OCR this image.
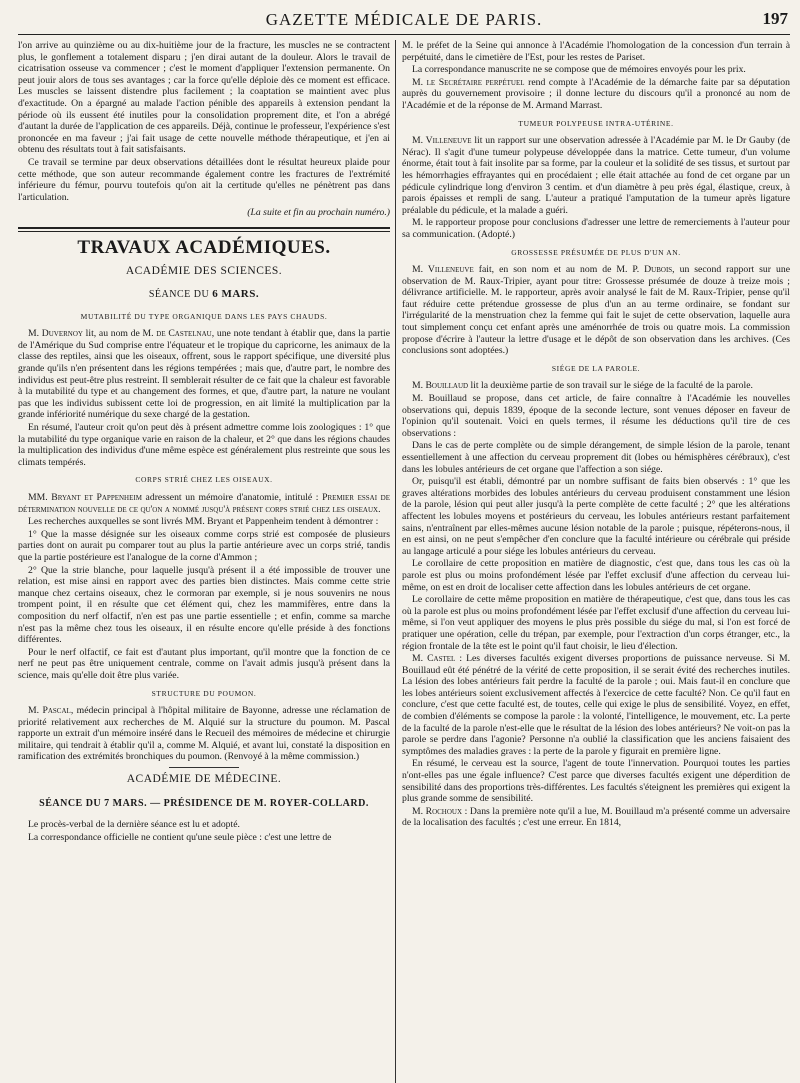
GAZETTE MÉDICALE DE PARIS.	197

l'on arrive au quinzième ou au dix-huitième jour de la fracture, les muscles ne se contractent plus, le gonflement a totalement disparu ; j'en dirai autant de la douleur. Alors le travail de cicatrisation osseuse va commencer ; c'est le moment d'appliquer l'extension permanente. On peut jouir alors de tous ses avantages ; car la force qu'elle déploie dès ce moment est efficace. Les muscles se laissent distendre plus facilement ; la coaptation se maintient avec plus d'exactitude. On a épargné au malade l'action pénible des appareils à extension pendant la période où ils eussent été inutiles pour la consolidation proprement dite, et l'on a abrégé d'autant la durée de l'application de ces appareils. Déjà, continue le professeur, l'expérience s'est prononcée en ma faveur ; j'ai fait usage de cette nouvelle méthode thérapeutique, et j'en ai obtenu des résultats tout à fait satisfaisants.

Ce travail se termine par deux observations détaillées dont le résultat heureux plaide pour cette méthode, que son auteur recommande également contre les fractures de l'extrémité inférieure du fémur, pourvu toutefois qu'on ait la certitude qu'elles ne pénètrent pas dans l'articulation.

(La suite et fin au prochain numéro.)
TRAVAUX ACADÉMIQUES.
ACADÉMIE DES SCIENCES.
SÉANCE DU 6 MARS.
MUTABILITÉ DU TYPE ORGANIQUE DANS LES PAYS CHAUDS.

M. Duvernoy lit, au nom de M. de Castelnau, une note tendant à établir que, dans la partie de l'Amérique du Sud comprise entre l'équateur et le tropique du capricorne, les animaux de la classe des reptiles, ainsi que les oiseaux, offrent, sous le rapport spécifique, une diversité plus grande qu'ils n'en présentent dans les régions tempérées ; mais que, d'autre part, le nombre des individus est peut-être plus restreint. Il semblerait résulter de ce fait que la chaleur est favorable à la mutabilité du type et au changement des formes, et que, d'autre part, la nature ne voulant pas que les individus subissent cette loi de progression, en ait limité la multiplication par la grande infériorité numérique du sexe chargé de la gestation.

En résumé, l'auteur croit qu'on peut dès à présent admettre comme lois zoologiques : 1° que la mutabilité du type organique varie en raison de la chaleur, et 2° que dans les régions chaudes la multiplication des individus d'une même espèce est généralement plus restreinte que sous les climats tempérés.

CORPS STRIÉ CHEZ LES OISEAUX.

MM. Bryant et Pappenheim adressent un mémoire d'anatomie, intitulé : Premier essai de détermination nouvelle de ce qu'on a nommé jusqu'à présent corps strié chez les oiseaux.

Les recherches auxquelles se sont livrés MM. Bryant et Pappenheim tendent à démontrer :

1° Que la masse désignée sur les oiseaux comme corps strié est composée de plusieurs parties dont on aurait pu comparer tout au plus la partie antérieure avec un corps strié, tandis que la partie postérieure est l'analogue de la corne d'Ammon ;

2° Que la strie blanche, pour laquelle jusqu'à présent il a été impossible de trouver une relation, est mise ainsi en rapport avec des parties bien distinctes. Mais comme cette strie manque chez certains oiseaux, chez le cormoran par exemple, si je nous souvenirs ne nous trompent point, il en résulte que cet élément qui, chez les mammifères, entre dans la composition du nerf olfactif, n'en est pas une partie essentielle ; et enfin, comme sa marche n'est pas la même chez tous les oiseaux, il en résulte encore qu'elle préside à des fonctions différentes.

Pour le nerf olfactif, ce fait est d'autant plus important, qu'il montre que la fonction de ce nerf ne peut pas être uniquement centrale, comme on l'avait admis jusqu'à présent dans la science, mais qu'elle doit être plus variée.

STRUCTURE DU POUMON.

M. Pascal, médecin principal à l'hôpital militaire de Bayonne, adresse une réclamation de priorité relativement aux recherches de M. Alquié sur la structure du poumon. M. Pascal rapporte un extrait d'un mémoire inséré dans le Recueil des mémoires de médecine et chirurgie militaire, qui tendrait à établir qu'il a, comme M. Alquié, et avant lui, constaté la disposition en ramification des extrémités bronchiques du poumon. (Renvoyé à la même commission.)

ACADÉMIE DE MÉDECINE.
SÉANCE DU 7 MARS. — PRÉSIDENCE DE M. ROYER-COLLARD.

Le procès-verbal de la dernière séance est lu et adopté.

La correspondance officielle ne contient qu'une seule pièce : c'est une lettre de

M. le préfet de la Seine qui annonce à l'Académie l'homologation de la concession d'un terrain à perpétuité, dans le cimetière de l'Est, pour les restes de Pariset.

La correspondance manuscrite ne se compose que de mémoires envoyés pour les prix.

M. le Secrétaire perpétuel rend compte à l'Académie de la démarche faite par sa députation auprès du gouvernement provisoire ; il donne lecture du discours qu'il a prononcé au nom de l'Académie et de la réponse de M. Armand Marrast.

TUMEUR POLYPEUSE INTRA-UTÉRINE.

M. Villeneuve lit un rapport sur une observation adressée à l'Académie par M. le Dr Gauby (de Nérac). Il s'agit d'une tumeur polypeuse développée dans la matrice. Cette tumeur, d'un volume énorme, était tout à fait insolite par sa forme, par la couleur et la solidité de ses tissus, et surtout par les hémorrhagies effrayantes qui en procédaient ; elle était attachée au fond de cet organe par un pédicule cylindrique long d'environ 3 centim. et d'un diamètre à peu près égal, élastique, creux, à parois épaisses et rempli de sang. L'auteur a pratiqué l'amputation de la tumeur après ligature préalable du pédicule, et la malade a guéri.

M. le rapporteur propose pour conclusions d'adresser une lettre de remerciements à l'auteur pour sa communication. (Adopté.)

GROSSESSE PRÉSUMÉE DE PLUS D'UN AN.

M. Villeneuve fait, en son nom et au nom de M. P. Dubois, un second rapport sur une observation de M. Raux-Tripier, ayant pour titre: Grossesse présumée de douze à treize mois ; délivrance artificielle. M. le rapporteur, après avoir analysé le fait de M. Raux-Tripier, pense qu'il faut réduire cette prétendue grossesse de plus d'un an au terme ordinaire, se fondant sur l'irrégularité de la menstruation chez la femme qui fait le sujet de cette observation, laquelle aura tout simplement conçu cet enfant après une aménorrhée de trois ou quatre mois. La commission propose d'écrire à l'auteur la lettre d'usage et le dépôt de son observation dans les archives. (Ces conclusions sont adoptées.)

SIÉGE DE LA PAROLE.

M. Bouillaud lit la deuxième partie de son travail sur le siége de la faculté de la parole.

M. Bouillaud se propose, dans cet article, de faire connaître à l'Académie les nouvelles observations qui, depuis 1839, époque de la seconde lecture, sont venues déposer en faveur de l'opinion qu'il soutenait. Voici en quels termes, il résume les déductions qu'il tire de ces observations :

Dans le cas de perte complète ou de simple dérangement, de simple lésion de la parole, tenant essentiellement à une affection du cerveau proprement dit (lobes ou hémisphères cérébraux), c'est dans les lobules antérieurs de cet organe que l'affection a son siége.

Or, puisqu'il est établi, démontré par un nombre suffisant de faits bien observés : 1° que les graves altérations morbides des lobules antérieurs du cerveau produisent constamment une lésion de la parole, lésion qui peut aller jusqu'à la perte complète de cette faculté ; 2° que les altérations affectent les lobules moyens et postérieurs du cerveau, les lobules antérieurs restant parfaitement sains, n'entraînent par elles-mêmes aucune lésion notable de la parole ; puisque, répéterons-nous, il en est ainsi, on ne peut s'empêcher d'en conclure que la faculté intérieure ou cérébrale qui préside au langage articulé a pour siége les lobules antérieurs du cerveau.

Le corollaire de cette proposition en matière de diagnostic, c'est que, dans tous les cas où la parole est plus ou moins profondément lésée par l'effet exclusif d'une affection du cerveau lui-même, on est en droit de localiser cette affection dans les lobules antérieurs de cet organe.

Le corollaire de cette même proposition en matière de thérapeutique, c'est que, dans tous les cas où la parole est plus ou moins profondément lésée par l'effet exclusif d'une affection du cerveau lui-même, si l'on veut appliquer des moyens le plus près possible du siége du mal, si l'on est forcé de pratiquer une opération, celle du trépan, par exemple, pour l'extraction d'un corps étranger, etc., la région frontale de la tête est le point qu'il faut choisir, le lieu d'élection.

M. Castel : Les diverses facultés exigent diverses proportions de puissance nerveuse. Si M. Bouillaud eût été pénétré de la vérité de cette proposition, il se serait évité des recherches inutiles. La lésion des lobes antérieurs fait perdre la faculté de la parole ; oui. Mais faut-il en conclure que les lobes antérieurs soient exclusivement affectés à l'exercice de cette faculté? Non. Ce qu'il faut en conclure, c'est que cette faculté est, de toutes, celle qui exige le plus de sensibilité. Voyez, en effet, de combien d'éléments se compose la parole : la volonté, l'intelligence, le mouvement, etc. La perte de la faculté de la parole n'est-elle que le résultat de la lésion des lobes antérieurs? Ne voit-on pas la parole se perdre dans l'agonie? Personne n'a oublié la classification que les anciens faisaient des symptômes des maladies graves : la perte de la parole y figurait en première ligne.

En résumé, le cerveau est la source, l'agent de toute l'innervation. Pourquoi toutes les parties n'ont-elles pas une égale influence? C'est parce que diverses facultés exigent une déperdition de sensibilité dans des proportions très-différentes. Les facultés s'éteignent les premières qui exigent la plus grande somme de sensibilité.

M. Rochoux : Dans la première note qu'il a lue, M. Bouillaud m'a présenté comme un adversaire de la localisation des facultés ; c'est une erreur. En 1814,
